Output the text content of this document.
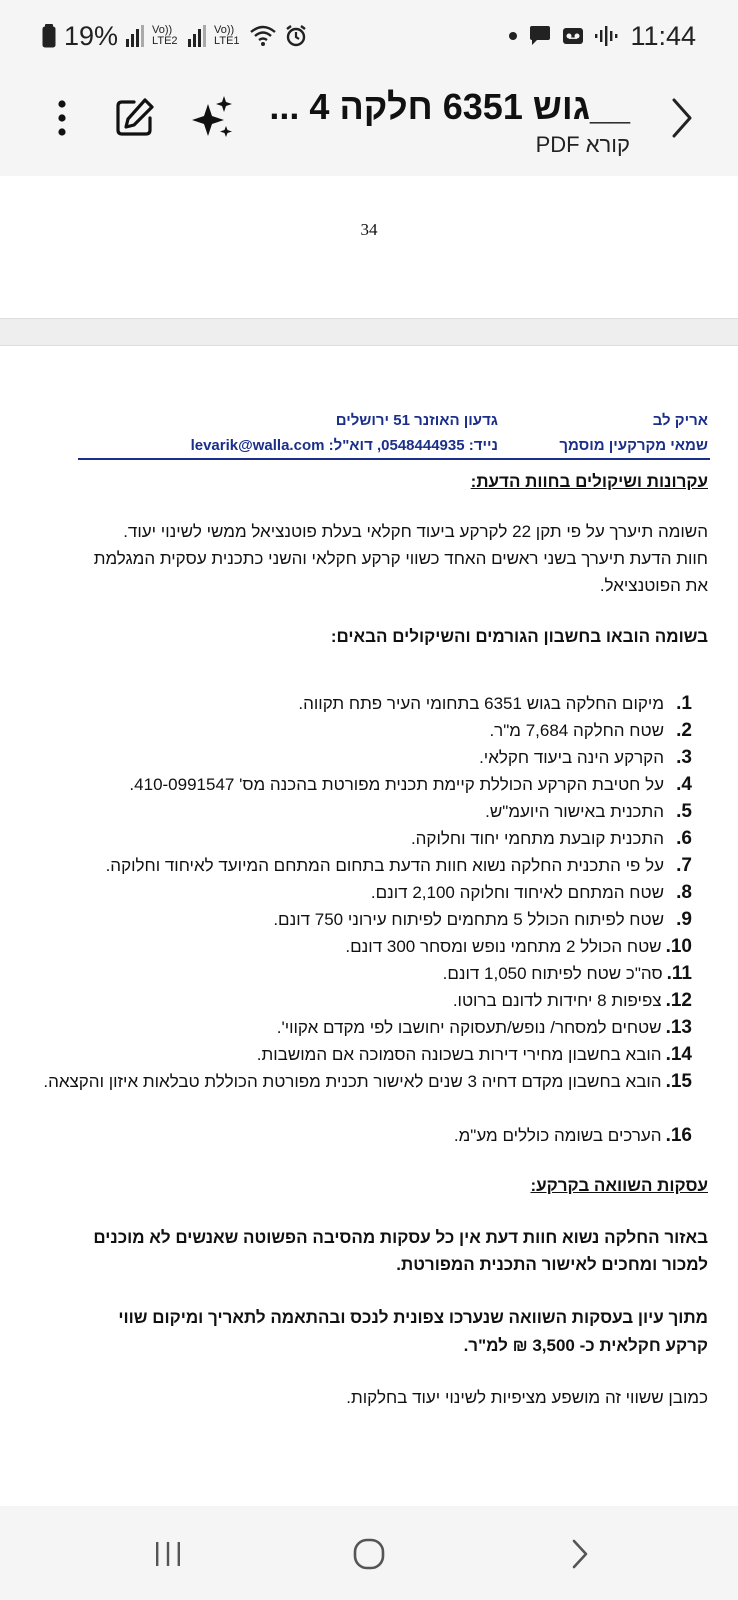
19%	Vo)) LTE2
Vo)) LTE1	11:44
__גוש 6351 חלקה 4 ...
קורא PDF
34
אריק לב
שמאי מקרקעין מוסמך
גדעון האוזנר 51 ירושלים
נייד: 0548444935, דוא"ל: levarik@walla.com
עקרונות ושיקולים בחוות הדעת:
השומה תיערך על פי תקן 22 לקרקע ביעוד חקלאי בעלת פוטנציאל ממשי לשינוי יעוד.
חוות הדעת תיערך בשני ראשים האחד כשווי קרקע חקלאי והשני כתכנית עסקית המגלמת
את הפוטנציאל.
בשומה הובאו בחשבון הגורמים והשיקולים הבאים:
1.
מיקום החלקה בגוש 6351 בתחומי העיר פתח תקווה.
2.
שטח החלקה 7,684 מ"ר.
3.
הקרקע הינה ביעוד חקלאי.
4.
על חטיבת הקרקע הכוללת קיימת תכנית מפורטת בהכנה מס' 410-0991547.
5.
התכנית באישור היועמ"ש.
6.
התכנית קובעת מתחמי יחוד וחלוקה.
7.
על פי התכנית החלקה נשוא חוות הדעת בתחום המתחם המיועד לאיחוד וחלוקה.
8.
שטח המתחם לאיחוד וחלוקה 2,100 דונם.
9.
שטח לפיתוח הכולל 5 מתחמים לפיתוח עירוני 750 דונם.
10.
שטח הכולל 2 מתחמי נופש ומסחר 300 דונם.
11.
סה"כ שטח לפיתוח 1,050 דונם.
12.
צפיפות 8 יחידות לדונם ברוטו.
13.
שטחים למסחר/ נופש/תעסוקה יחושבו לפי מקדם אקווי'.
14.
הובא בחשבון מחירי דירות בשכונה הסמוכה אם המושבות.
15.
הובא בחשבון מקדם דחיה 3 שנים לאישור תכנית מפורטת הכוללת טבלאות איזון והקצאה.
16.
הערכים בשומה כוללים מע"מ.
עסקות השוואה בקרקע:
באזור החלקה נשוא חוות דעת אין כל עסקות מהסיבה הפשוטה שאנשים לא מוכנים
למכור ומחכים לאישור התכנית המפורטת.
מתוך עיון בעסקות השוואה שנערכו צפונית לנכס ובהתאמה לתאריך ומיקום שווי
קרקע חקלאית כ- 3,500 ₪ למ"ר.
כמובן ששווי זה מושפע מציפיות לשינוי יעוד בחלקות.
